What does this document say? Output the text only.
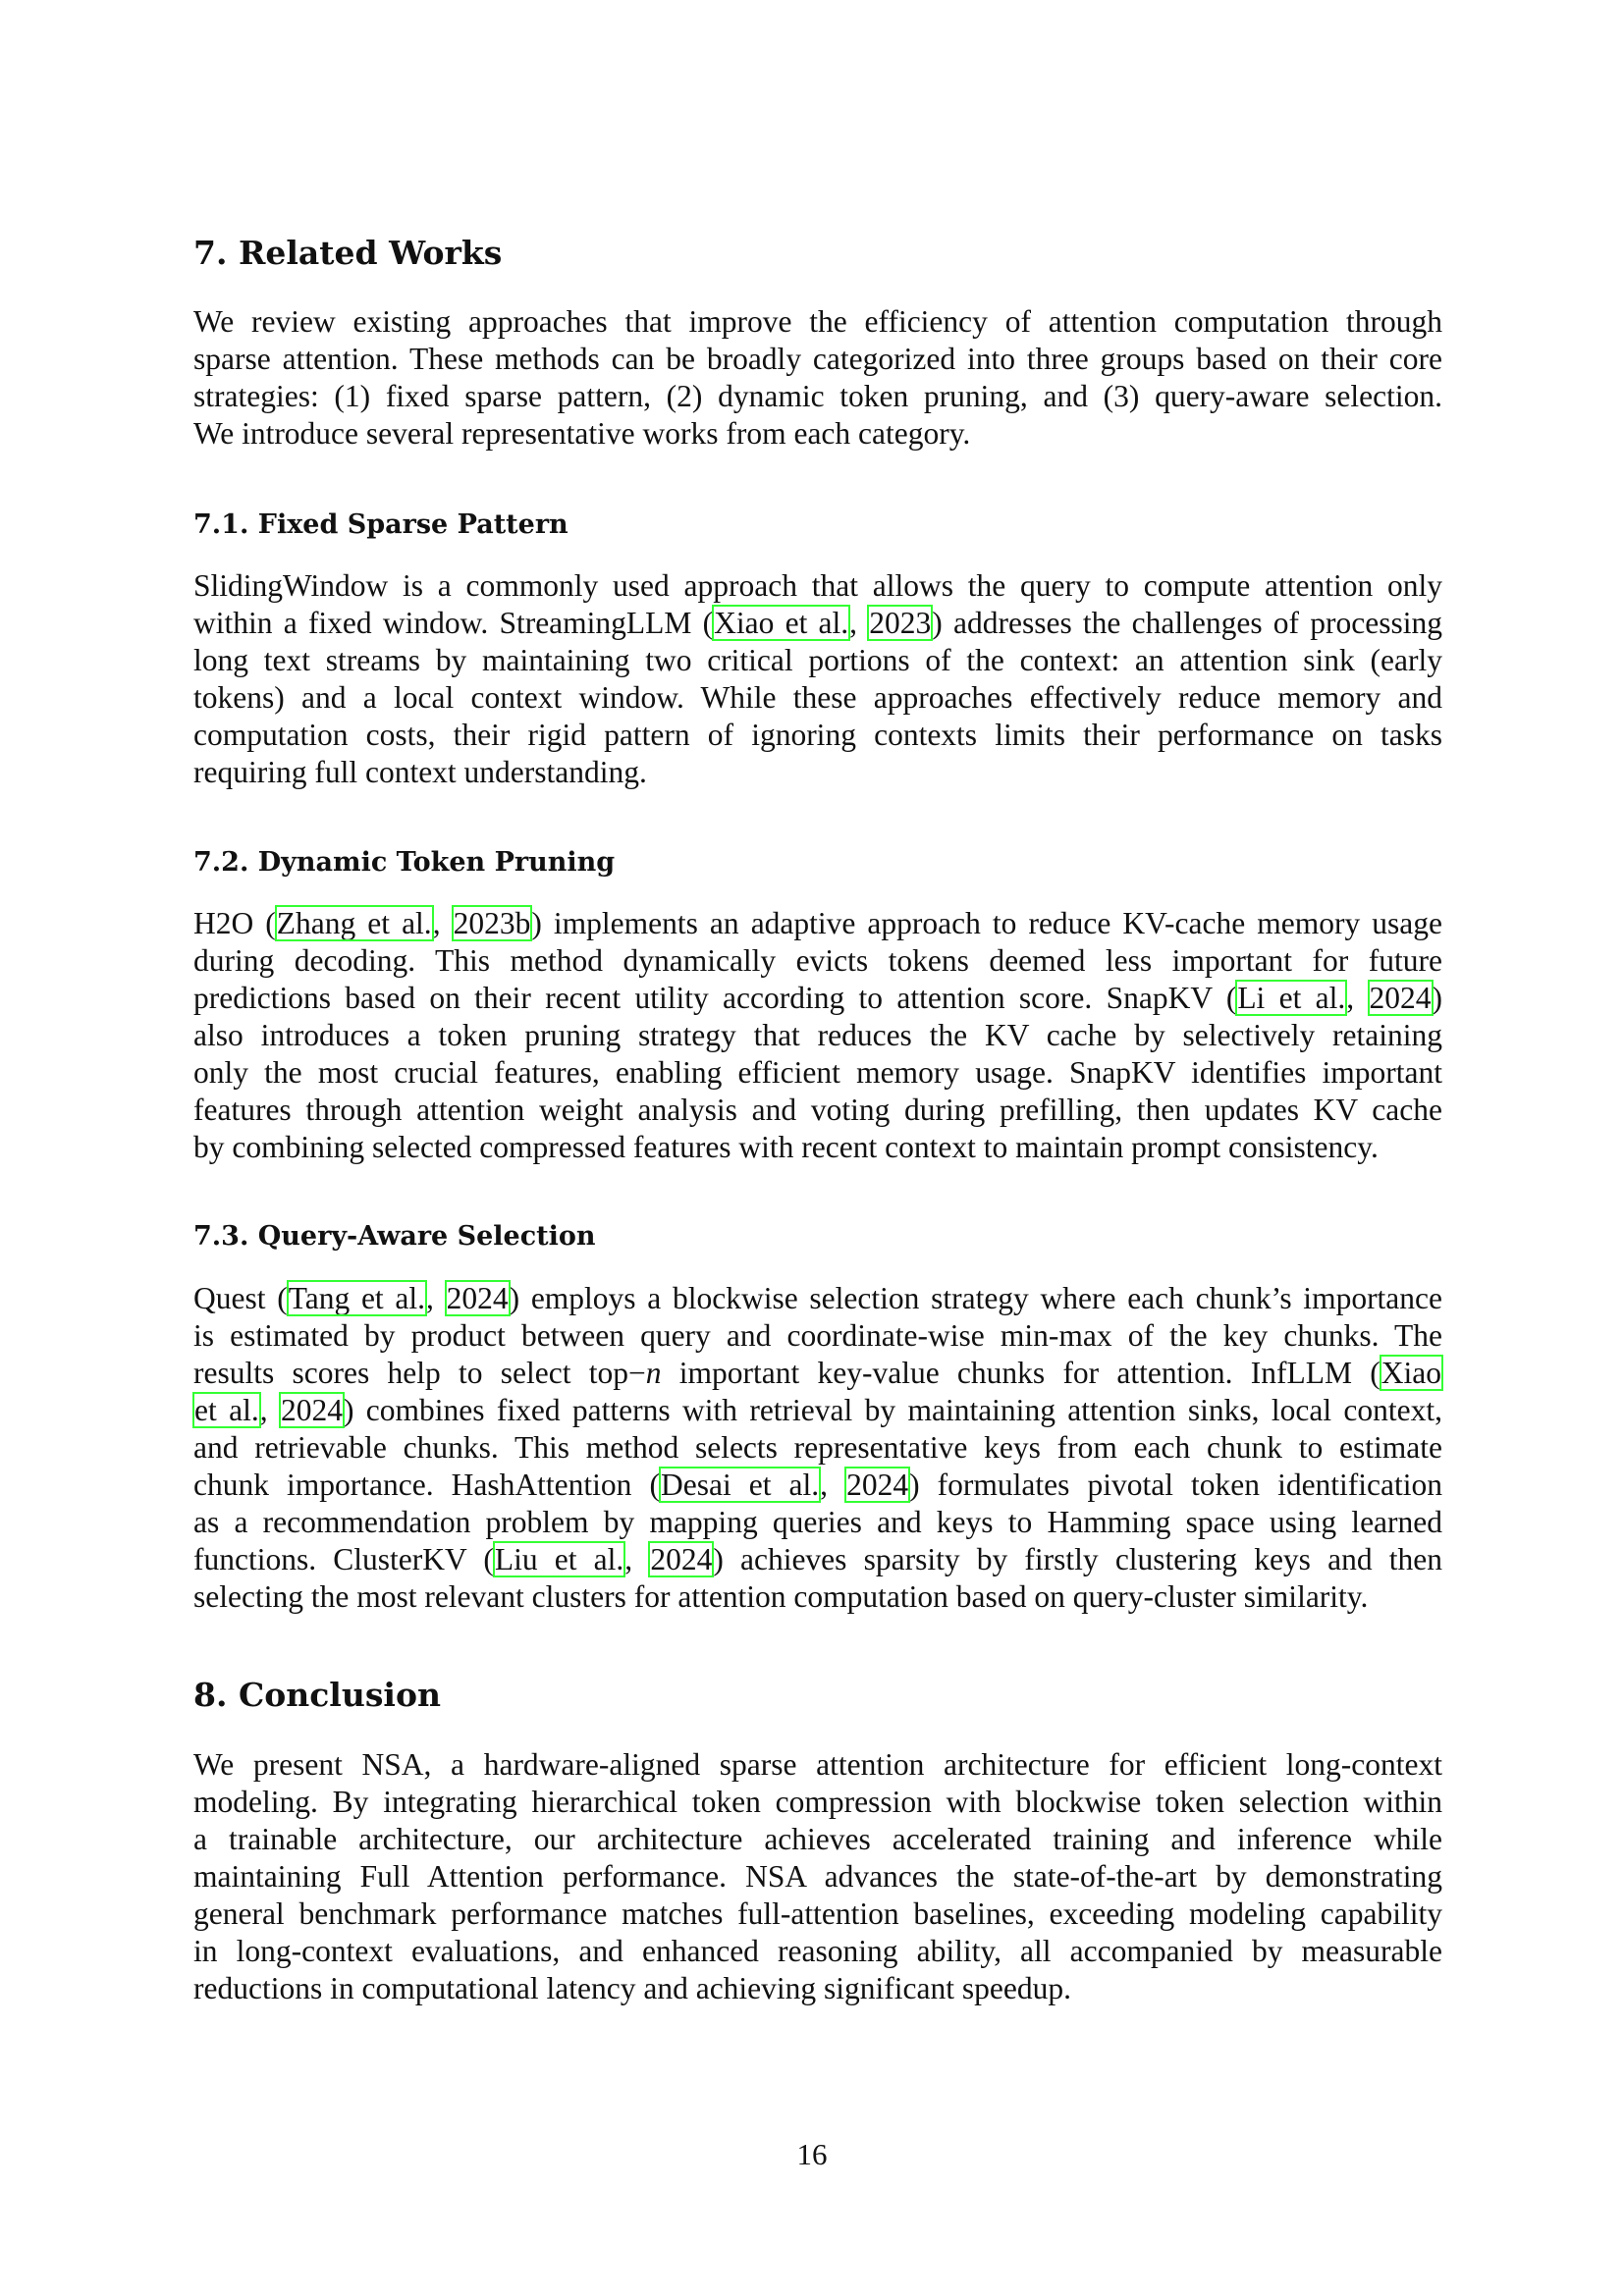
7. Related Works
We review existing approaches that improve the efficiency of attention computation through
sparse attention. These methods can be broadly categorized into three groups based on their core
strategies: (1) fixed sparse pattern, (2) dynamic token pruning, and (3) query-aware selection.
We introduce several representative works from each category.
7.1. Fixed Sparse Pattern
SlidingWindow is a commonly used approach that allows the query to compute attention only
within a fixed window. StreamingLLM (Xiao et al., 2023) addresses the challenges of processing
long text streams by maintaining two critical portions of the context: an attention sink (early
tokens) and a local context window. While these approaches effectively reduce memory and
computation costs, their rigid pattern of ignoring contexts limits their performance on tasks
requiring full context understanding.
7.2. Dynamic Token Pruning
H2O (Zhang et al., 2023b) implements an adaptive approach to reduce KV-cache memory usage
during decoding. This method dynamically evicts tokens deemed less important for future
predictions based on their recent utility according to attention score. SnapKV (Li et al., 2024)
also introduces a token pruning strategy that reduces the KV cache by selectively retaining
only the most crucial features, enabling efficient memory usage. SnapKV identifies important
features through attention weight analysis and voting during prefilling, then updates KV cache
by combining selected compressed features with recent context to maintain prompt consistency.
7.3. Query-Aware Selection
Quest (Tang et al., 2024) employs a blockwise selection strategy where each chunk’s importance
is estimated by product between query and coordinate-wise min-max of the key chunks. The
results scores help to select top−n important key-value chunks for attention. InfLLM (Xiao
et al., 2024) combines fixed patterns with retrieval by maintaining attention sinks, local context,
and retrievable chunks. This method selects representative keys from each chunk to estimate
chunk importance. HashAttention (Desai et al., 2024) formulates pivotal token identification
as a recommendation problem by mapping queries and keys to Hamming space using learned
functions. ClusterKV (Liu et al., 2024) achieves sparsity by firstly clustering keys and then
selecting the most relevant clusters for attention computation based on query-cluster similarity.
8. Conclusion
We present NSA, a hardware-aligned sparse attention architecture for efficient long-context
modeling. By integrating hierarchical token compression with blockwise token selection within
a trainable architecture, our architecture achieves accelerated training and inference while
maintaining Full Attention performance. NSA advances the state-of-the-art by demonstrating
general benchmark performance matches full-attention baselines, exceeding modeling capability
in long-context evaluations, and enhanced reasoning ability, all accompanied by measurable
reductions in computational latency and achieving significant speedup.
16
